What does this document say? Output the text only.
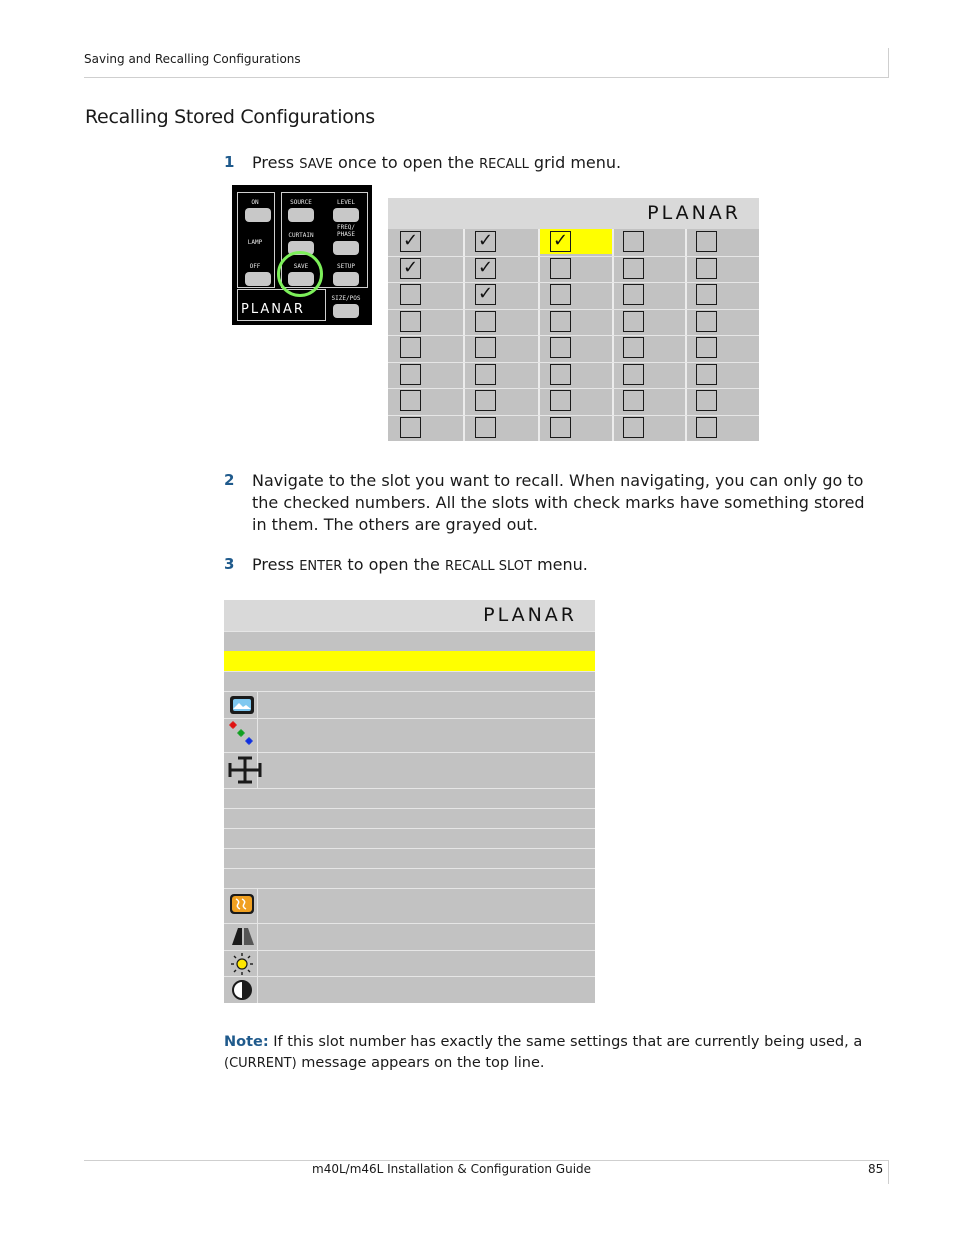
Saving and Recalling Configurations
Recalling Stored Configurations
1 Press SAVE once to open the RECALL grid menu.
ON	SOURCE	LEVEL
LAMP
CURTAIN
FREQ/
PHASE
OFF	SAVE	SETUP
SIZE/POS
PLANAR
PLANAR
✓	✓	✓
✓	✓
✓
2 Navigate to the slot you want to recall. When navigating, you can only go to the checked numbers. All the slots with check marks have something stored in them. The others are grayed out.
3 Press ENTER to open the RECALL SLOT menu.
PLANAR
Note: If this slot number has exactly the same settings that are currently being used, a
(CURRENT) message appears on the top line.
m40L/m46L Installation & Configuration Guide	85
